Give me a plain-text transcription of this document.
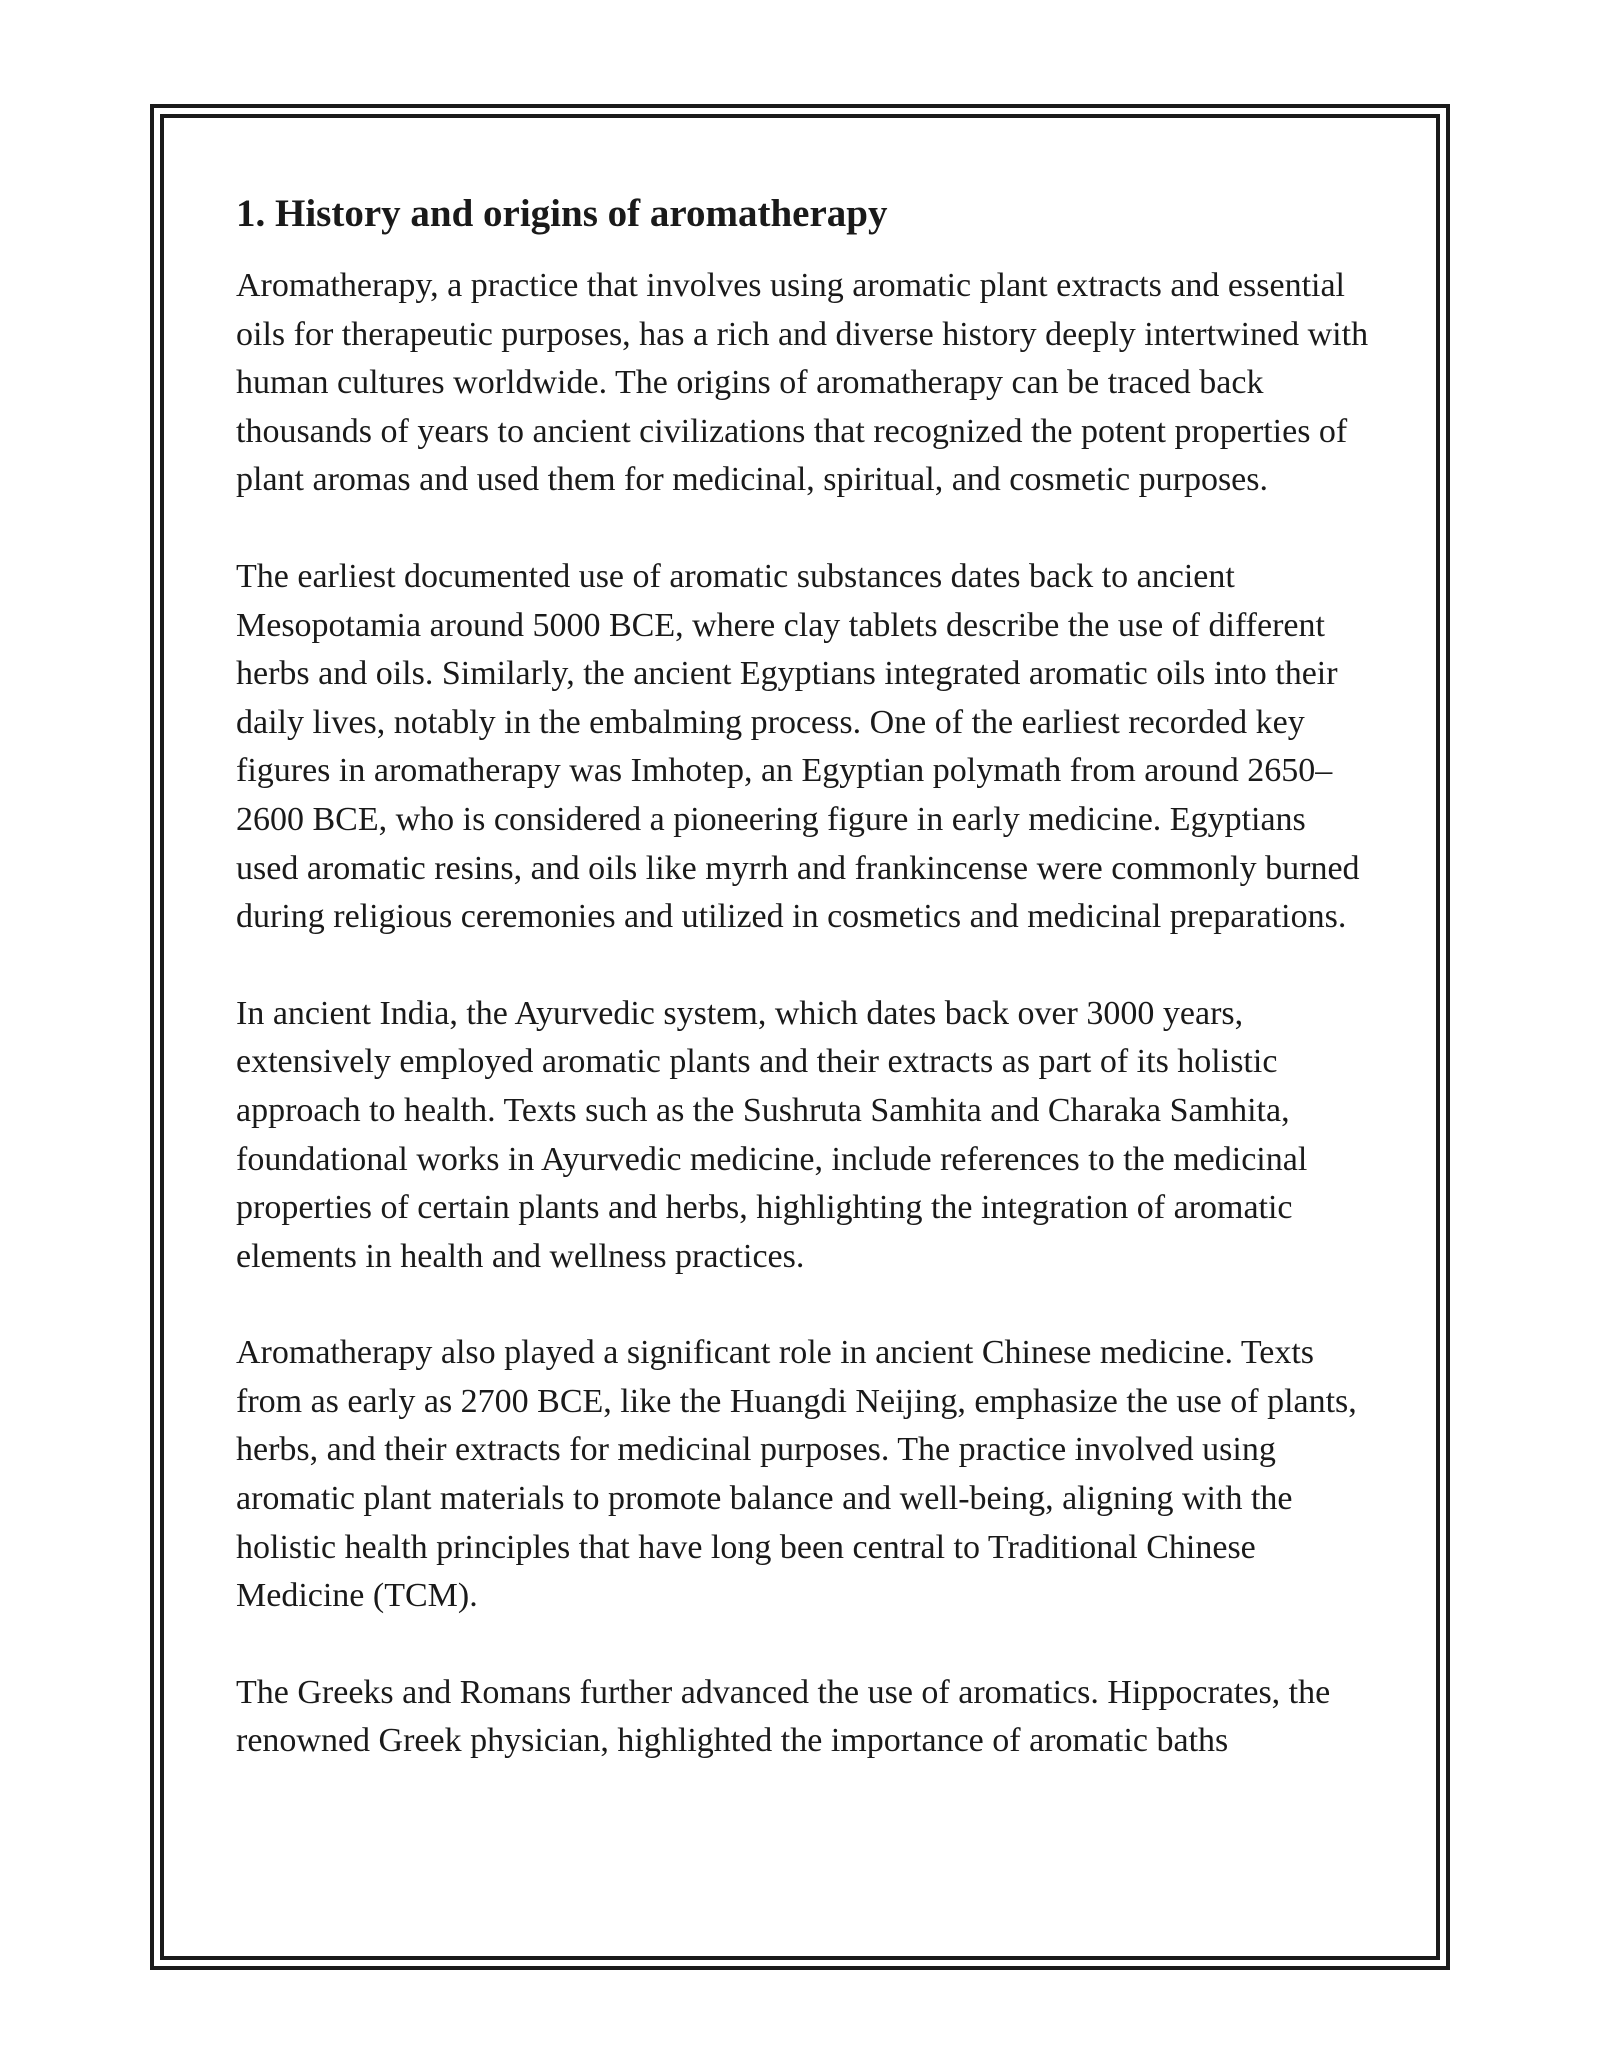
1. History and origins of aromatherapy

Aromatherapy, a practice that involves using aromatic plant extracts and essential oils for therapeutic purposes, has a rich and diverse history deeply intertwined with human cultures worldwide. The origins of aromatherapy can be traced back thousands of years to ancient civilizations that recognized the potent properties of plant aromas and used them for medicinal, spiritual, and cosmetic purposes.

The earliest documented use of aromatic substances dates back to ancient Mesopotamia around 5000 BCE, where clay tablets describe the use of different herbs and oils. Similarly, the ancient Egyptians integrated aromatic oils into their daily lives, notably in the embalming process. One of the earliest recorded key figures in aromatherapy was Imhotep, an Egyptian polymath from around 2650–2600 BCE, who is considered a pioneering figure in early medicine. Egyptians used aromatic resins, and oils like myrrh and frankincense were commonly burned during religious ceremonies and utilized in cosmetics and medicinal preparations.

In ancient India, the Ayurvedic system, which dates back over 3000 years, extensively employed aromatic plants and their extracts as part of its holistic approach to health. Texts such as the Sushruta Samhita and Charaka Samhita, foundational works in Ayurvedic medicine, include references to the medicinal properties of certain plants and herbs, highlighting the integration of aromatic elements in health and wellness practices.

Aromatherapy also played a significant role in ancient Chinese medicine. Texts from as early as 2700 BCE, like the Huangdi Neijing, emphasize the use of plants, herbs, and their extracts for medicinal purposes. The practice involved using aromatic plant materials to promote balance and well-being, aligning with the holistic health principles that have long been central to Traditional Chinese Medicine (TCM).

The Greeks and Romans further advanced the use of aromatics. Hippocrates, the renowned Greek physician, highlighted the importance of aromatic baths
